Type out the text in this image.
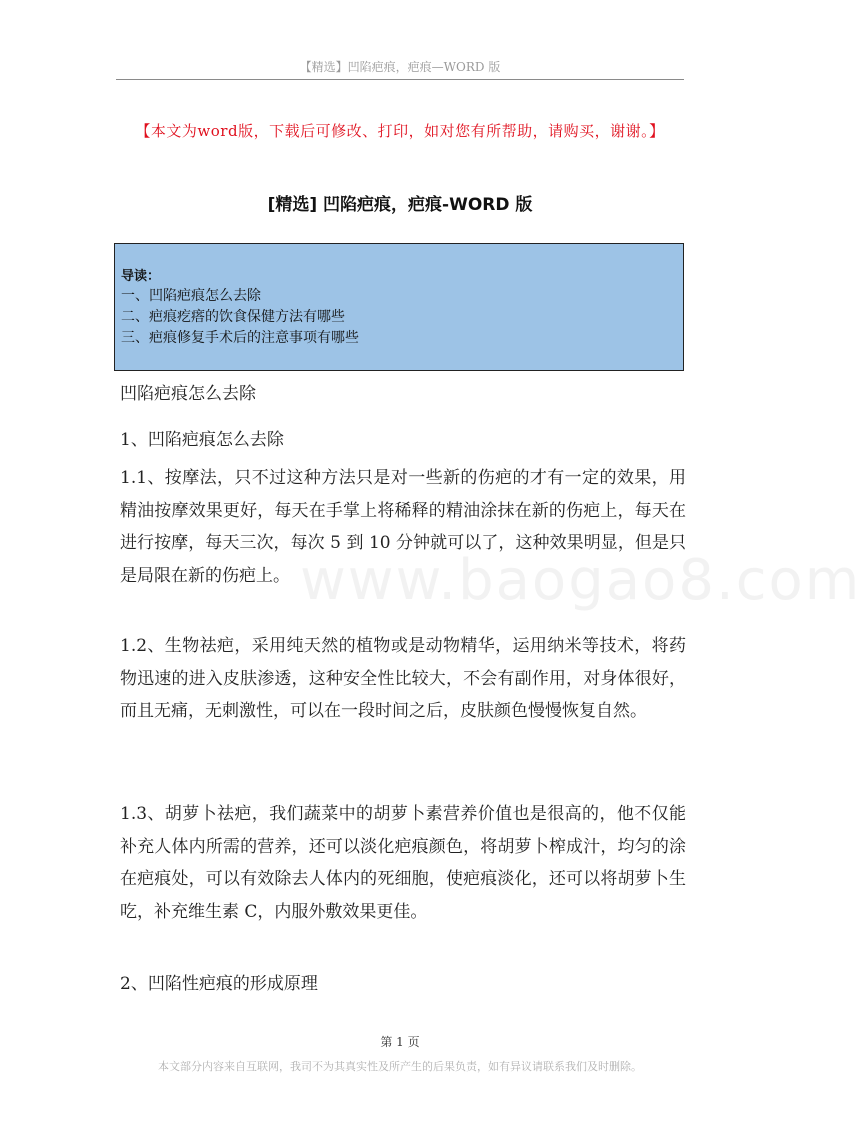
【精选】凹陷疤痕，疤痕—WORD 版
【本文为word版，下载后可修改、打印，如对您有所帮助，请购买，谢谢。】
[精选] 凹陷疤痕，疤痕-WORD 版
导读：
一、凹陷疤痕怎么去除
二、疤痕疙瘩的饮食保健方法有哪些
三、疤痕修复手术后的注意事项有哪些
www.baogao8.com
凹陷疤痕怎么去除
1、凹陷疤痕怎么去除
1.1、按摩法，只不过这种方法只是对一些新的伤疤的才有一定的效果，用精油按摩效果更好，每天在手掌上将稀释的精油涂抹在新的伤疤上，每天在进行按摩，每天三次，每次 5 到 10 分钟就可以了，这种效果明显，但是只是局限在新的伤疤上。
1.2、生物祛疤，采用纯天然的植物或是动物精华，运用纳米等技术，将药物迅速的进入皮肤渗透，这种安全性比较大，不会有副作用，对身体很好，而且无痛，无刺激性，可以在一段时间之后，皮肤颜色慢慢恢复自然。
1.3、胡萝卜祛疤，我们蔬菜中的胡萝卜素营养价值也是很高的，他不仅能补充人体内所需的营养，还可以淡化疤痕颜色，将胡萝卜榨成汁，均匀的涂在疤痕处，可以有效除去人体内的死细胞，使疤痕淡化，还可以将胡萝卜生吃，补充维生素 C，内服外敷效果更佳。
2、凹陷性疤痕的形成原理
第 1 页
本文部分内容来自互联网，我司不为其真实性及所产生的后果负责，如有异议请联系我们及时删除。
